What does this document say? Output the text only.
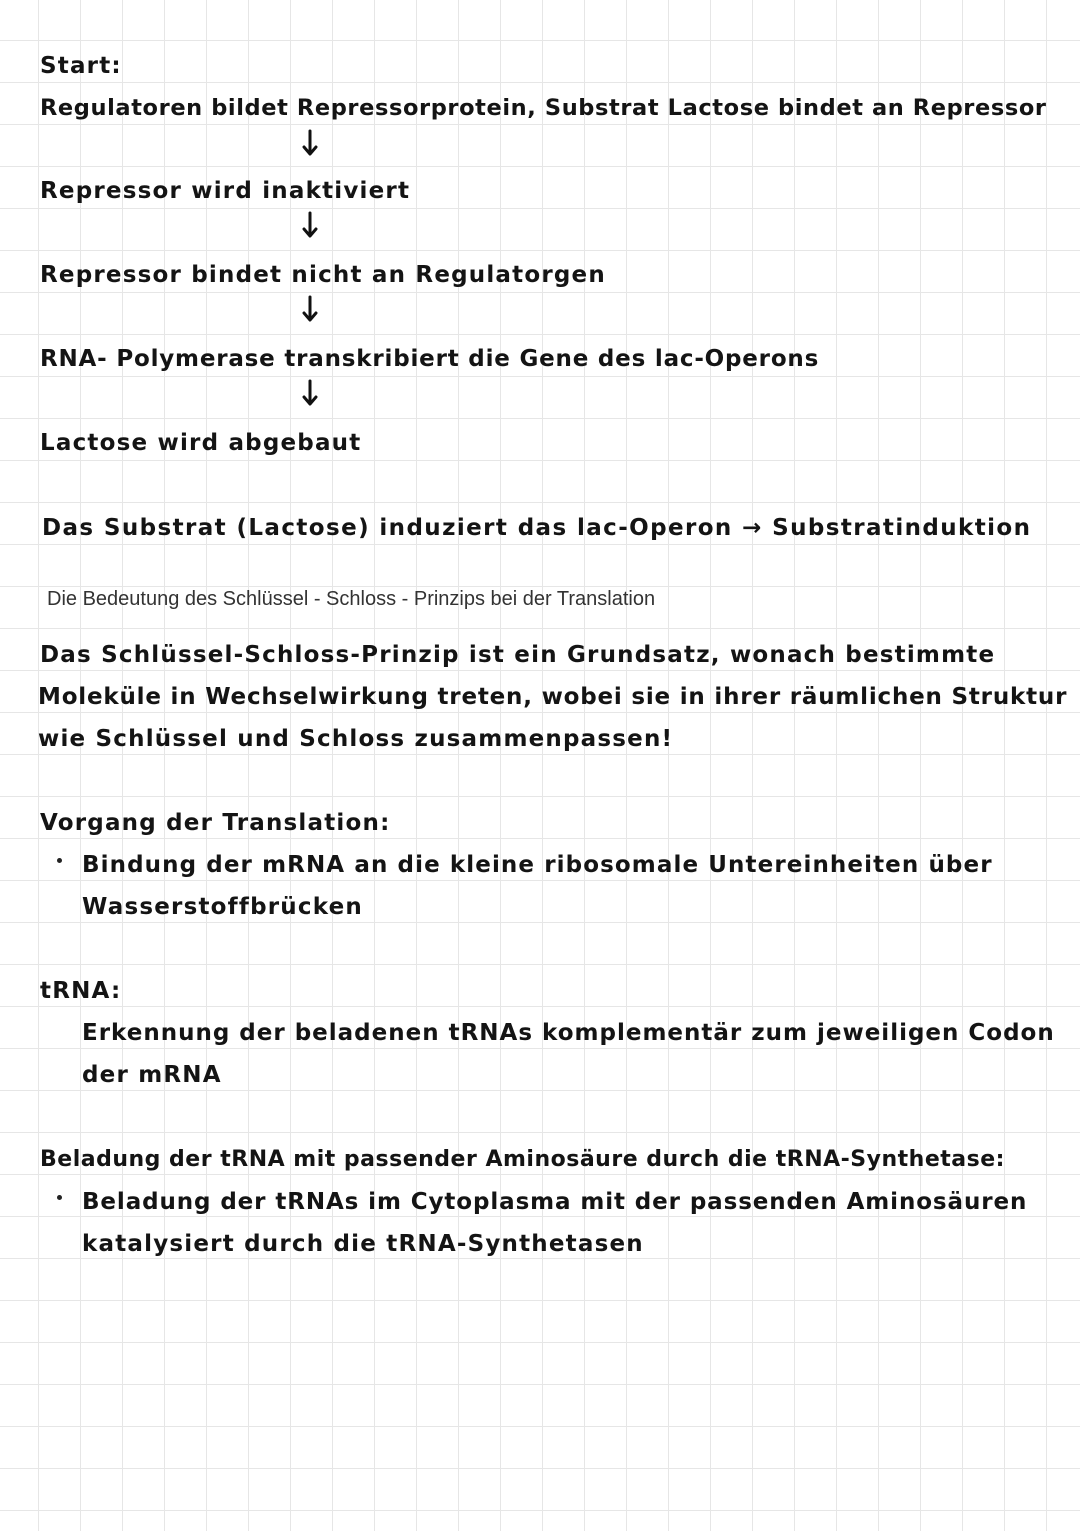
Start:
Regulatoren bildet Repressorprotein, Substrat Lactose bindet an Repressor
Repressor wird inaktiviert
Repressor bindet nicht an Regulatorgen
RNA- Polymerase transkribiert die Gene des lac-Operons
Lactose wird abgebaut
Das Substrat (Lactose) induziert das lac-Operon → Substratinduktion
Die Bedeutung des Schlüssel - Schloss - Prinzips bei der Translation
Das Schlüssel-Schloss-Prinzip ist ein Grundsatz, wonach bestimmte
Moleküle in Wechselwirkung treten, wobei sie in ihrer räumlichen Struktur
wie Schlüssel und Schloss zusammenpassen!
Vorgang der Translation:
Bindung der mRNA an die kleine ribosomale Untereinheiten über
Wasserstoffbrücken
tRNA:
Erkennung der beladenen tRNAs komplementär zum jeweiligen Codon
der mRNA
Beladung der tRNA mit passender Aminosäure durch die tRNA-Synthetase:
Beladung der tRNAs im Cytoplasma mit der passenden Aminosäuren
katalysiert durch die tRNA-Synthetasen
